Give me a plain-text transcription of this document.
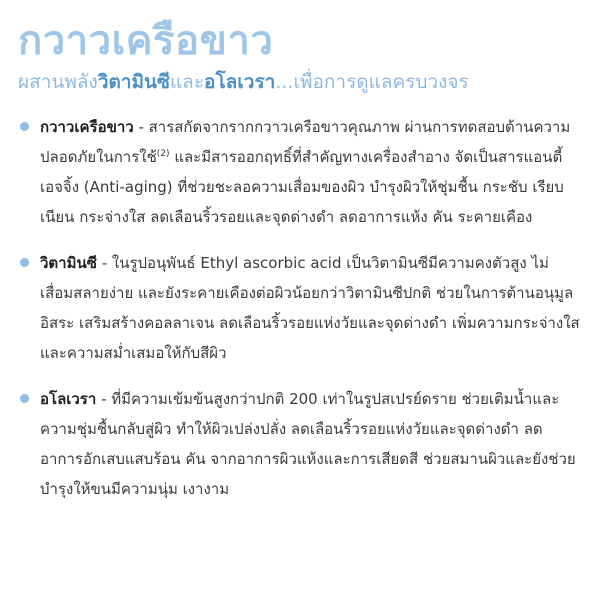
กวาวเครือขาว
ผสานพลังวิตามินซีและอโลเวรา...เพื่อการดูแลครบวงจร

กวาวเครือขาว - สารสกัดจากรากกวาวเครือขาวคุณภาพ ผ่านการทดสอบด้านความปลอดภัยในการใช้$^{(2)}$ และมีสารออกฤทธิ์ที่สำคัญทางเครื่องสำอาง จัดเป็นสารแอนตี้เอจจิ้ง (Anti-aging) ที่ช่วยชะลอความเสื่อมของผิว บำรุงผิวให้ชุ่มชื้น กระชับ เรียบเนียน กระจ่างใส ลดเลือนริ้วรอยและจุดด่างดำ ลดอาการแห้ง คัน ระคายเคือง

วิตามินซี - ในรูปอนุพันธ์ Ethyl ascorbic acid เป็นวิตามินซีมีความคงตัวสูง ไม่เสื่อมสลายง่าย และยังระคายเคืองต่อผิวน้อยกว่าวิตามินซีปกติ ช่วยในการต้านอนุมูลอิสระ เสริมสร้างคอลลาเจน ลดเลือนริ้วรอยแห่งวัยและจุดด่างดำ เพิ่มความกระจ่างใสและความสม่ำเสมอให้กับสีผิว

อโลเวรา - ที่มีความเข้มข้นสูงกว่าปกติ 200 เท่าในรูปสเปรย์ดราย ช่วยเติมน้ำและความชุ่มชื้นกลับสู่ผิว ทำให้ผิวเปล่งปลั่ง ลดเลือนริ้วรอยแห่งวัยและจุดด่างดำ ลดอาการอักเสบแสบร้อน คัน จากอาการผิวแห้งและการเสียดสี ช่วยสมานผิวและยังช่วยบำรุงให้ขนมีความนุ่ม เงางาม
